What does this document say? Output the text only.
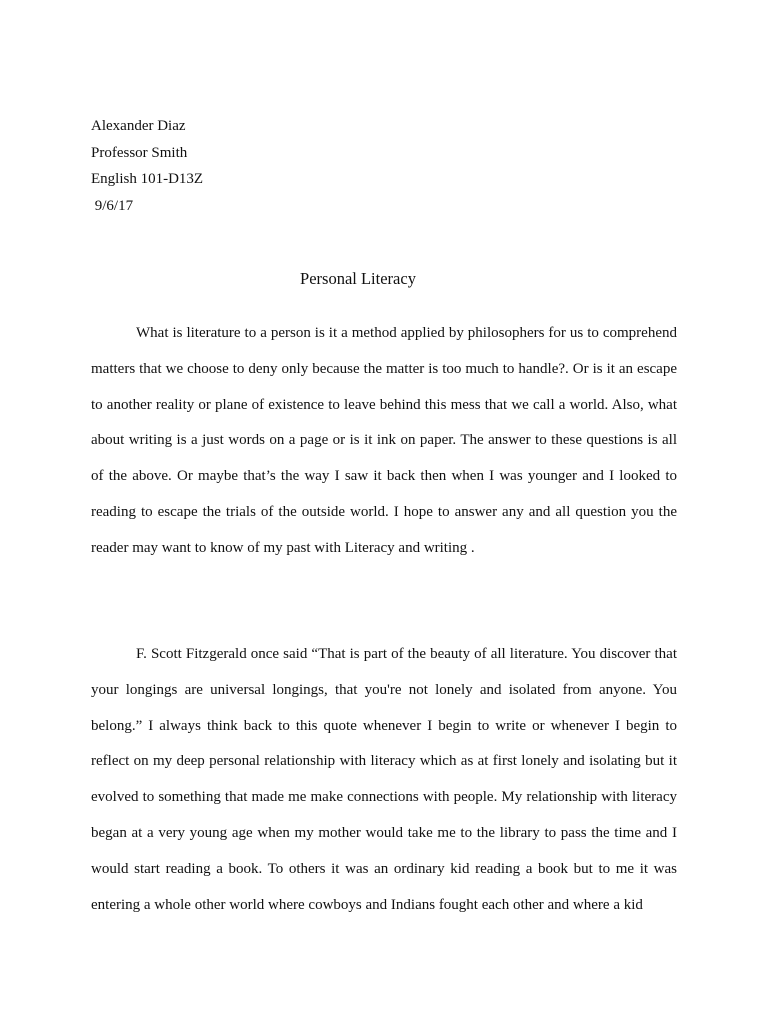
Alexander Diaz
Professor Smith
English 101-D13Z
9/6/17
Personal Literacy

What is literature to a person is it a method applied by philosophers for us to comprehend matters that we choose to deny only because the matter is too much to handle?. Or is it an escape to another reality or plane of existence to leave behind this mess that we call a world. Also, what about writing is a just words on a page or is it ink on paper. The answer to these questions is all of the above. Or maybe that’s the way I saw it back then when I was younger and I looked to reading to escape the trials of the outside world. I hope to answer any and all question you the reader may want to know of my past with Literacy and writing .

F. Scott Fitzgerald once said “That is part of the beauty of all literature. You discover that your longings are universal longings, that you're not lonely and isolated from anyone. You belong.” I always think back to this quote whenever I begin to write or whenever I begin to reflect on my deep personal relationship with literacy which as at first lonely and isolating but it evolved to something that made me make connections with people. My relationship with literacy began at a very young age when my mother would take me to the library to pass the time and I would start reading a book. To others it was an ordinary kid reading a book but to me it was entering a whole other world where cowboys and Indians fought each other and where a kid
